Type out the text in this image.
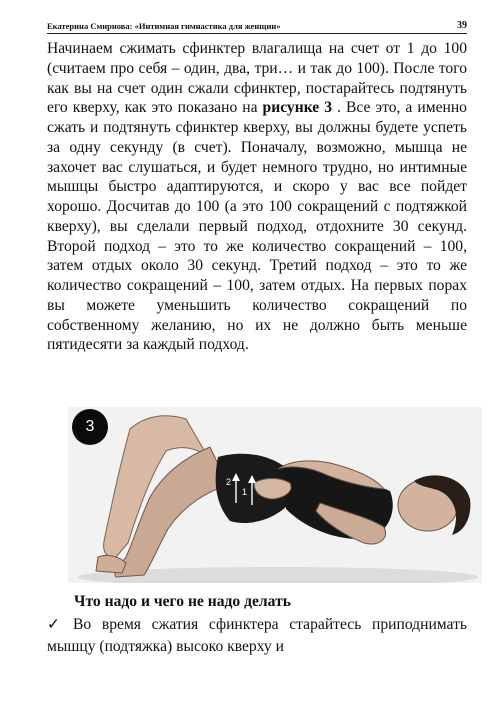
Екатерина Смирнова: «Интимная гимнастика для женщин»	39

Начинаем сжимать сфинктер влагалища на счет от 1 до 100 (считаем про себя – один, два, три… и так до 100). После того как вы на счет один сжали сфинктер, постарайтесь подтянуть его кверху, как это показано на рисунке 3 . Все это, а именно сжать и подтянуть сфинктер кверху, вы должны будете успеть за одну секунду (в счет). Поначалу, возможно, мышца не захочет вас слушаться, и будет немного трудно, но интимные мышцы быстро адаптируются, и скоро у вас все пойдет хорошо. Досчитав до 100 (а это 100 сокращений с подтяжкой кверху), вы сделали первый подход, отдохните 30 секунд. Второй подход – это то же количество сокращений – 100, затем отдых около 30 секунд. Третий подход – это то же количество сокращений – 100, затем отдых. На первых порах вы можете уменьшить количество сокращений по собственному желанию, но их не должно быть меньше пятидесяти за каждый подход.

2
1
3

Что надо и чего не надо делать

✓ Во время сжатия сфинктера старайтесь приподнимать мышцу (подтяжка) высоко кверху и
